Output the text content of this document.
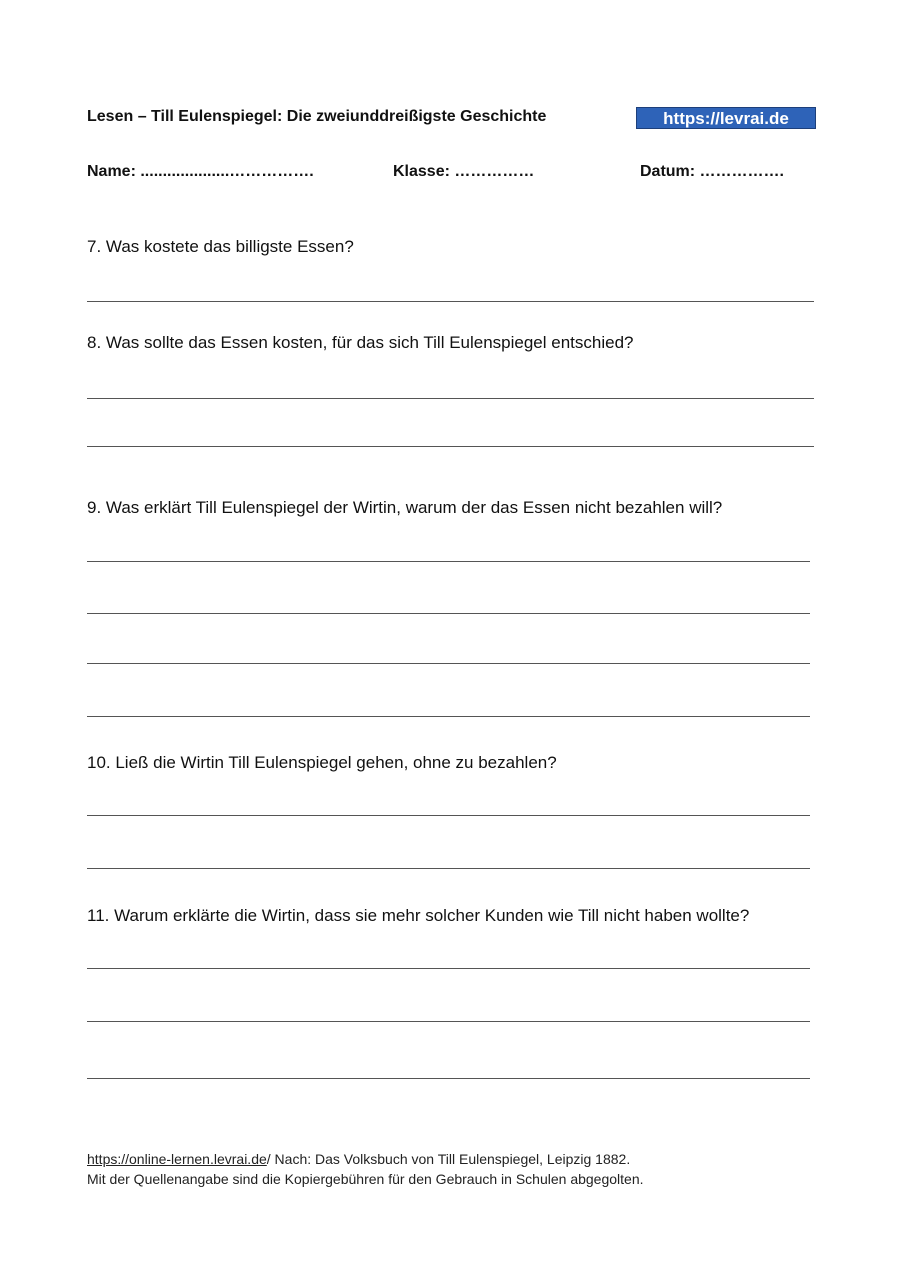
Lesen – Till Eulenspiegel: Die zweiunddreißigste Geschichte	https://levrai.de
Name: ....................…………….	Klasse: ……………	Datum: …………….
7. Was kostete das billigste Essen?
8. Was sollte das Essen kosten, für das sich Till Eulenspiegel entschied?
9. Was erklärt Till Eulenspiegel der Wirtin, warum der das Essen nicht bezahlen will?
10. Ließ die Wirtin Till Eulenspiegel gehen, ohne zu bezahlen?
11. Warum erklärte die Wirtin, dass sie mehr solcher Kunden wie Till nicht haben wollte?
https://online-lernen.levrai.de/ Nach: Das Volksbuch von Till Eulenspiegel, Leipzig 1882.
Mit der Quellenangabe sind die Kopiergebühren für den Gebrauch in Schulen abgegolten.
